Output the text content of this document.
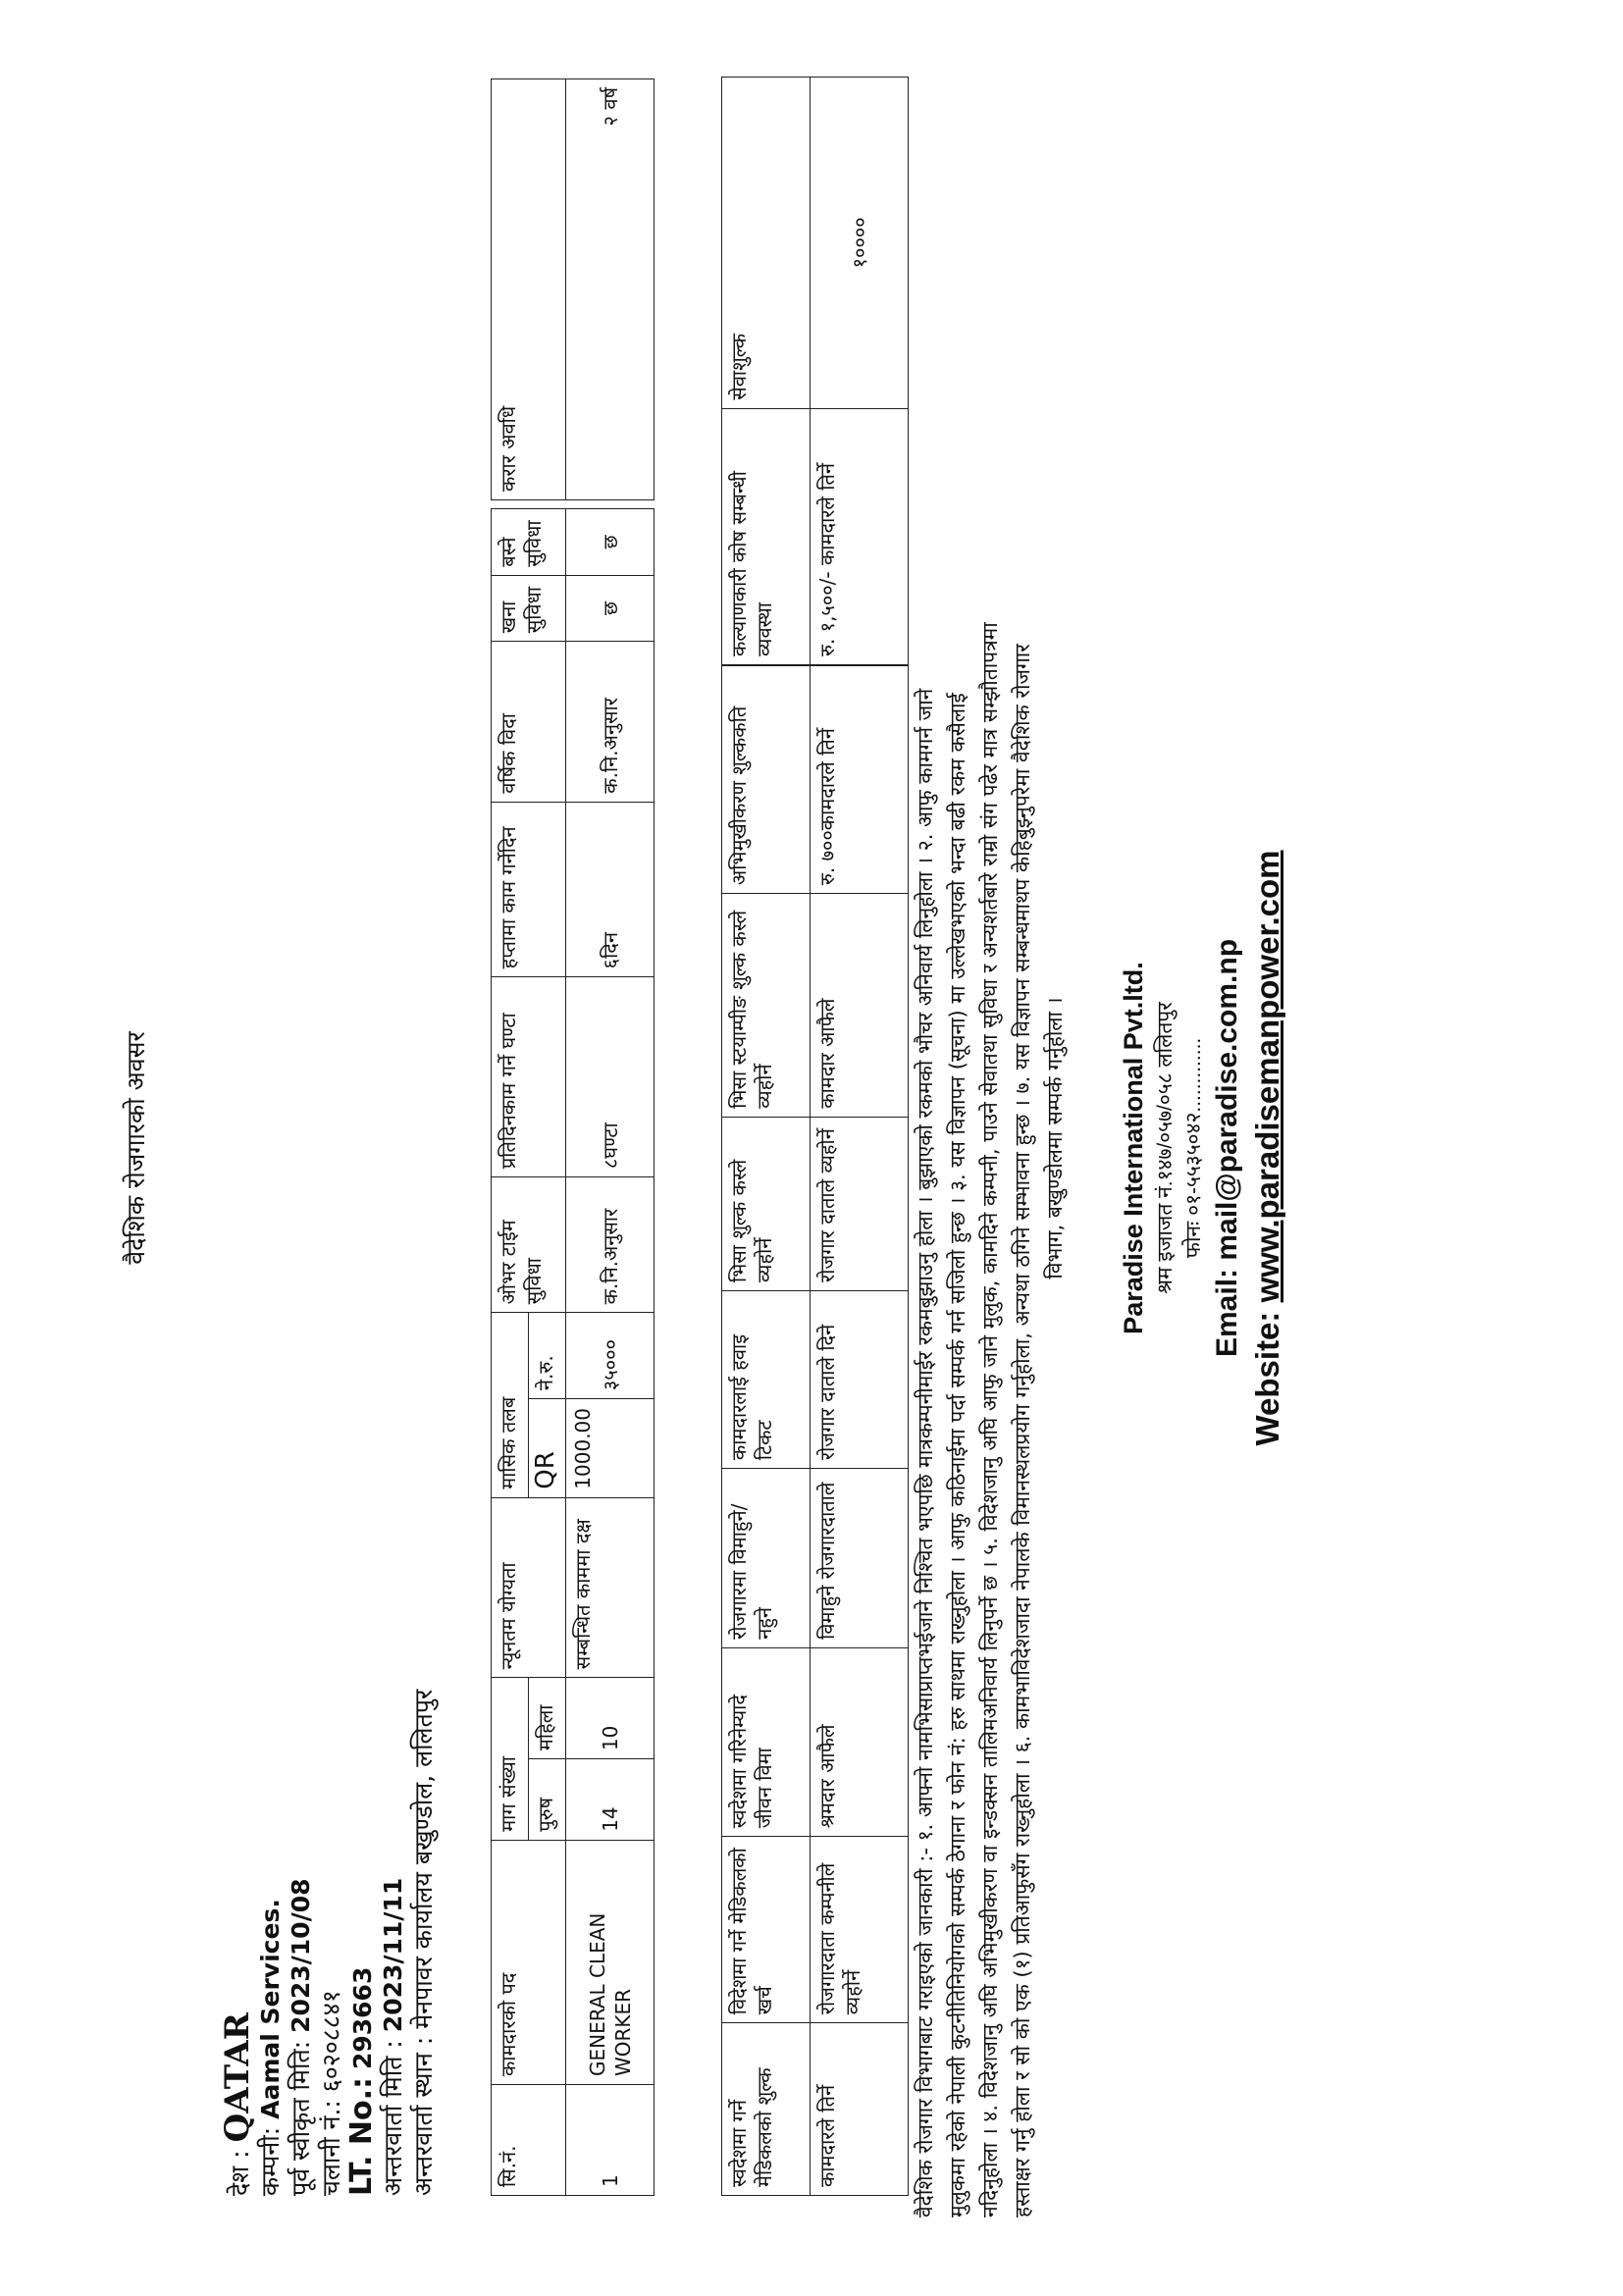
वैदेशिक रोजगारको अवसर
देश : QATAR
कम्पनी: Aamal Services. पूर्व स्वीकृत मिति: 2023/10/08
चलानी नं.: ६०२०८८४१
LT. No.: 293663
अन्तरवार्ता मिति : 2023/11/11
अन्तरवार्ता स्थान : मेनपावर कार्यालय बखुण्डोल, ललितपुर
सि.नं.	कामदारको पद	माग संख्या		न्यूनतम योग्यता	मासिक तलब		ओभर टाईम सुविधा	प्रतिदिनकाम गर्ने घण्टा	हप्तामा काम गर्नेदिन	वर्षिक विदा	खना सुविधा	बस्ने सुविधा
		पुरुष	महिला		QR	ने.रु.						
1	GENERAL CLEAN WORKER	14	10	सम्बन्धित काममा दक्ष	1000.00	३५०००	क.नि.अनुसार	८घण्टा	६दिन	क.नि.अनुसार	छ	छ
करार अवधि
२ वर्ष
स्वदेशमा गर्ने मेडिकलको शुल्क	विदेशमा गर्ने मेडिकलको खर्च	स्वदेशमा गरिनेम्यादे जीवन विमा	रोजगारमा विमाहुने/नहुने	कामदारलाई हवाइ टिकट	भिसा शुल्क कस्ले व्यहोर्ने	भिसा स्टयाम्पीङ शुल्क कस्ले व्यहोर्ने	अभिमुखीकरण शुल्ककति
कामदारले तिर्ने	रोजगारदाता कम्पनीले व्यहोर्ने	श्रमदार आफैले	विमाहुने रोजगारदाताले	रोजगार दाताले दिने	रोजगार दाताले व्यहोर्ने	कामदार आफैले	रु. ७००कामदारले तिर्ने
कल्याणकारी कोष सम्बन्धी व्यवस्था	सेवाशुल्क
रु. १,५००/- कामदारले तिर्ने	१००००
वैदेशिक रोजगार विभागबाट गराइएको जानकारी :- १. आफ्नो नामभिसाप्राप्तभईजाने निश्चित भएपछि मात्रकम्पनीमाईर रकमबुझाउनु होला । बुझाएको रकमको भौचर अनिवार्य लिनुहोला । २. आफु कामगर्न जाने मुलुकमा रहेको नेपाली कुटनीतिनियोगको सम्पर्क ठेगाना र फोन नं: हरु साथमा राख्नुहोला । आफु कठिनाईमा पर्दा सम्पर्क गर्न सजिलो हुन्छ । ३. यस विज्ञापन (सूचना) मा उल्लेखभएको भन्दा बढी रकम कसैलाई नदिनुहोला । ४. विदेशजानु अघि अभिमुखीकरण वा इन्डक्सन तालिमअनिवार्य लिनुपर्ने छ । ५. विदेशजानु अघि आफु जाने मुलुक, कामदिने कम्पनी, पाउने सेवातथा सुविधा र अन्यशर्तबारे राम्रो संग पढेर मात्र सम्झौतापत्रमा हस्ताक्षर गर्नु होला र सो को एक (१) प्रतिआफुसँग राख्नुहोला । ६. कामभाविदेशजादा नेपालके विमानस्थलप्रयोग गर्नुहोला, अन्यथा ठगिने सम्भावना हुन्छ । ७. यस विज्ञापन सम्बन्धमाथप केहिबुझ्नुपरेमा वैदेशिक रोजगार विभाग, बखुण्डोलमा सम्पर्क गर्नुहोला । Paradise International Pvt.ltd. श्रम इजाजत नं.१४७/०५७/०५८ ललितपुर फोनः ०१-५५३५०४२............. Email: mail@paradise.com.np
Website: www.paradisemanpower.com
